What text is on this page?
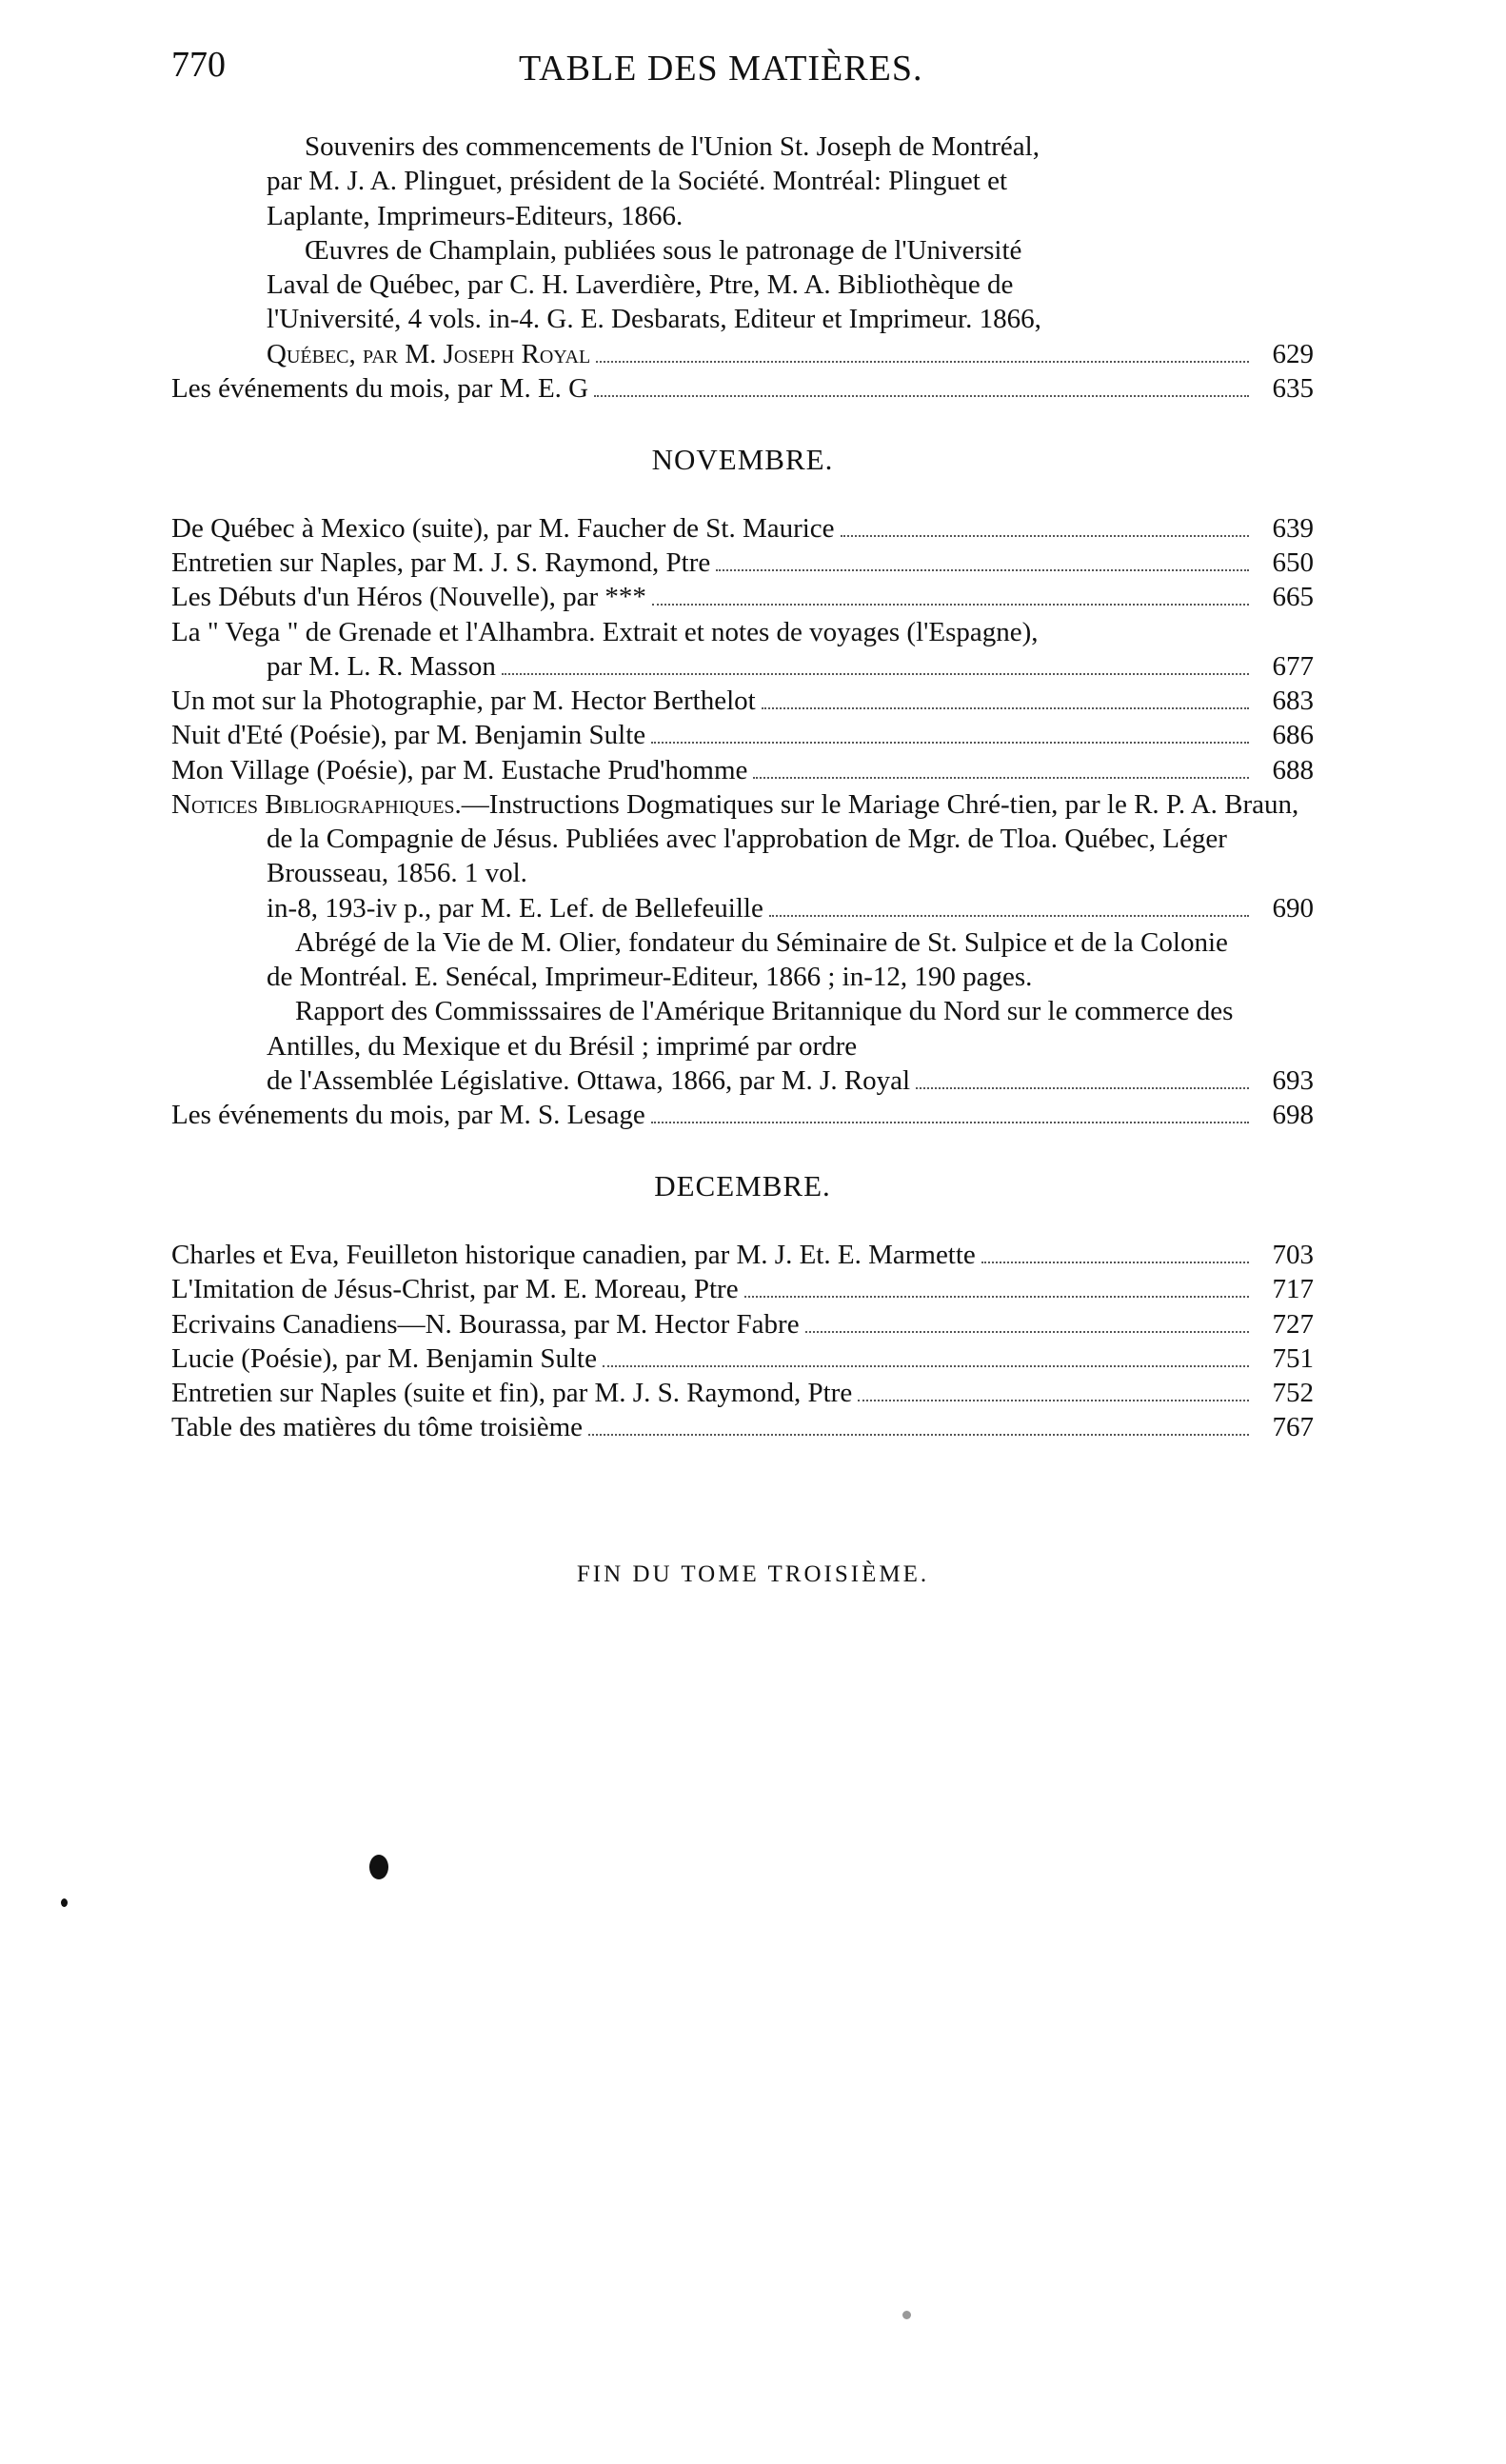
770	TABLE DES MATIÈRES.

Souvenirs des commencements de l'Union St. Joseph de Montréal,
par M. J. A. Plinguet, président de la Société. Montréal: Plinguet et
Laplante, Imprimeurs-Editeurs, 1866.

Œuvres de Champlain, publiées sous le patronage de l'Université
Laval de Québec, par C. H. Laverdière, Ptre, M. A. Bibliothèque de
l'Université, 4 vols. in-4. G. E. Desbarats, Editeur et Imprimeur. 1866,
Québec, par M. Joseph Royal	629
Les événements du mois, par M. E. G	635
NOVEMBRE.
De Québec à Mexico (suite), par M. Faucher de St. Maurice	639
Entretien sur Naples, par M. J. S. Raymond, Ptre	650
Les Débuts d'un Héros (Nouvelle), par ***	665
La " Vega " de Grenade et l'Alhambra. Extrait et notes de voyages (l'Espagne),
par M. L. R. Masson	677
Un mot sur la Photographie, par M. Hector Berthelot	683
Nuit d'Eté (Poésie), par M. Benjamin Sulte	686
Mon Village (Poésie), par M. Eustache Prud'homme	688
Notices Bibliographiques.—Instructions Dogmatiques sur le Mariage Chré-tien, par le R. P. A. Braun, de la Compagnie de Jésus. Publiées avec l'approbation de Mgr. de Tloa. Québec, Léger Brousseau, 1856. 1 vol.
in-8, 193-iv p., par M. E. Lef. de Bellefeuille	690
Abrégé de la Vie de M. Olier, fondateur du Séminaire de St. Sulpice et de la Colonie de Montréal. E. Senécal, Imprimeur-Editeur, 1866 ; in-12, 190 pages.
Rapport des Commisssaires de l'Amérique Britannique du Nord sur le commerce des Antilles, du Mexique et du Brésil ; imprimé par ordre
de l'Assemblée Législative. Ottawa, 1866, par M. J. Royal	693
Les événements du mois, par M. S. Lesage	698
DECEMBRE.
Charles et Eva, Feuilleton historique canadien, par M. J. Et. E. Marmette	703
L'Imitation de Jésus-Christ, par M. E. Moreau, Ptre	717
Ecrivains Canadiens—N. Bourassa, par M. Hector Fabre	727
Lucie (Poésie), par M. Benjamin Sulte	751
Entretien sur Naples (suite et fin), par M. J. S. Raymond, Ptre	752
Table des matières du tôme troisième	767
FIN DU TOME TROISIÈME.
